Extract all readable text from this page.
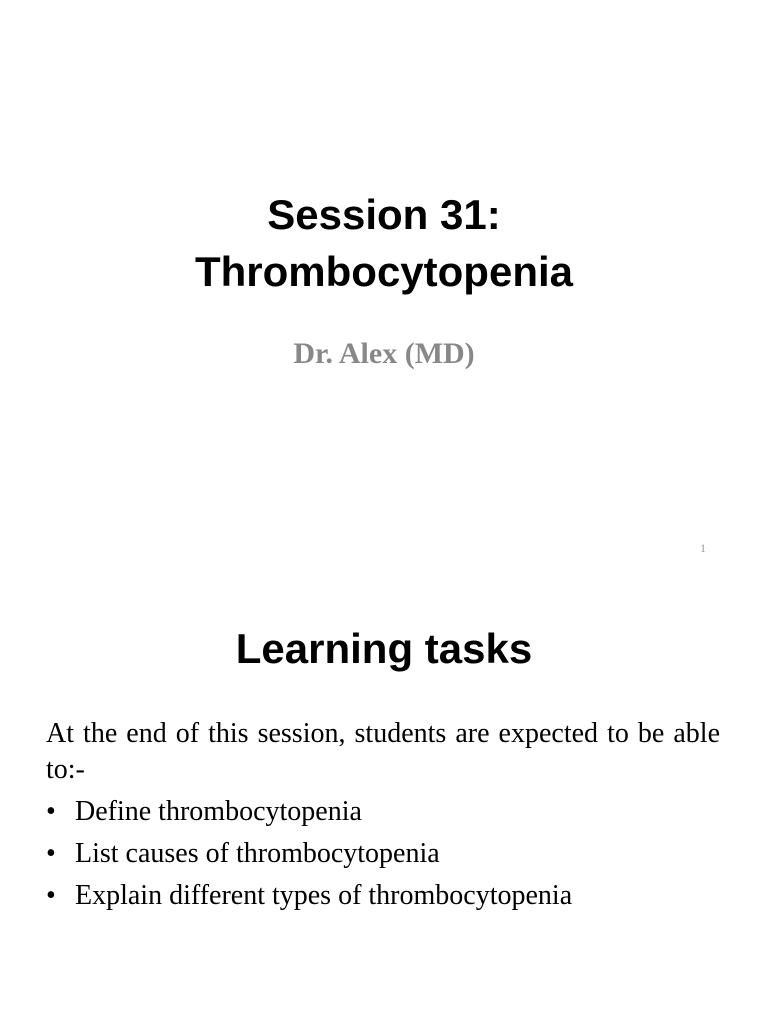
Session 31:
Thrombocytopenia

Dr. Alex (MD)

1
Learning tasks

At the end of this session, students are expected to be able to:-

• Define thrombocytopenia
• List causes of thrombocytopenia
• Explain different types of thrombocytopenia
